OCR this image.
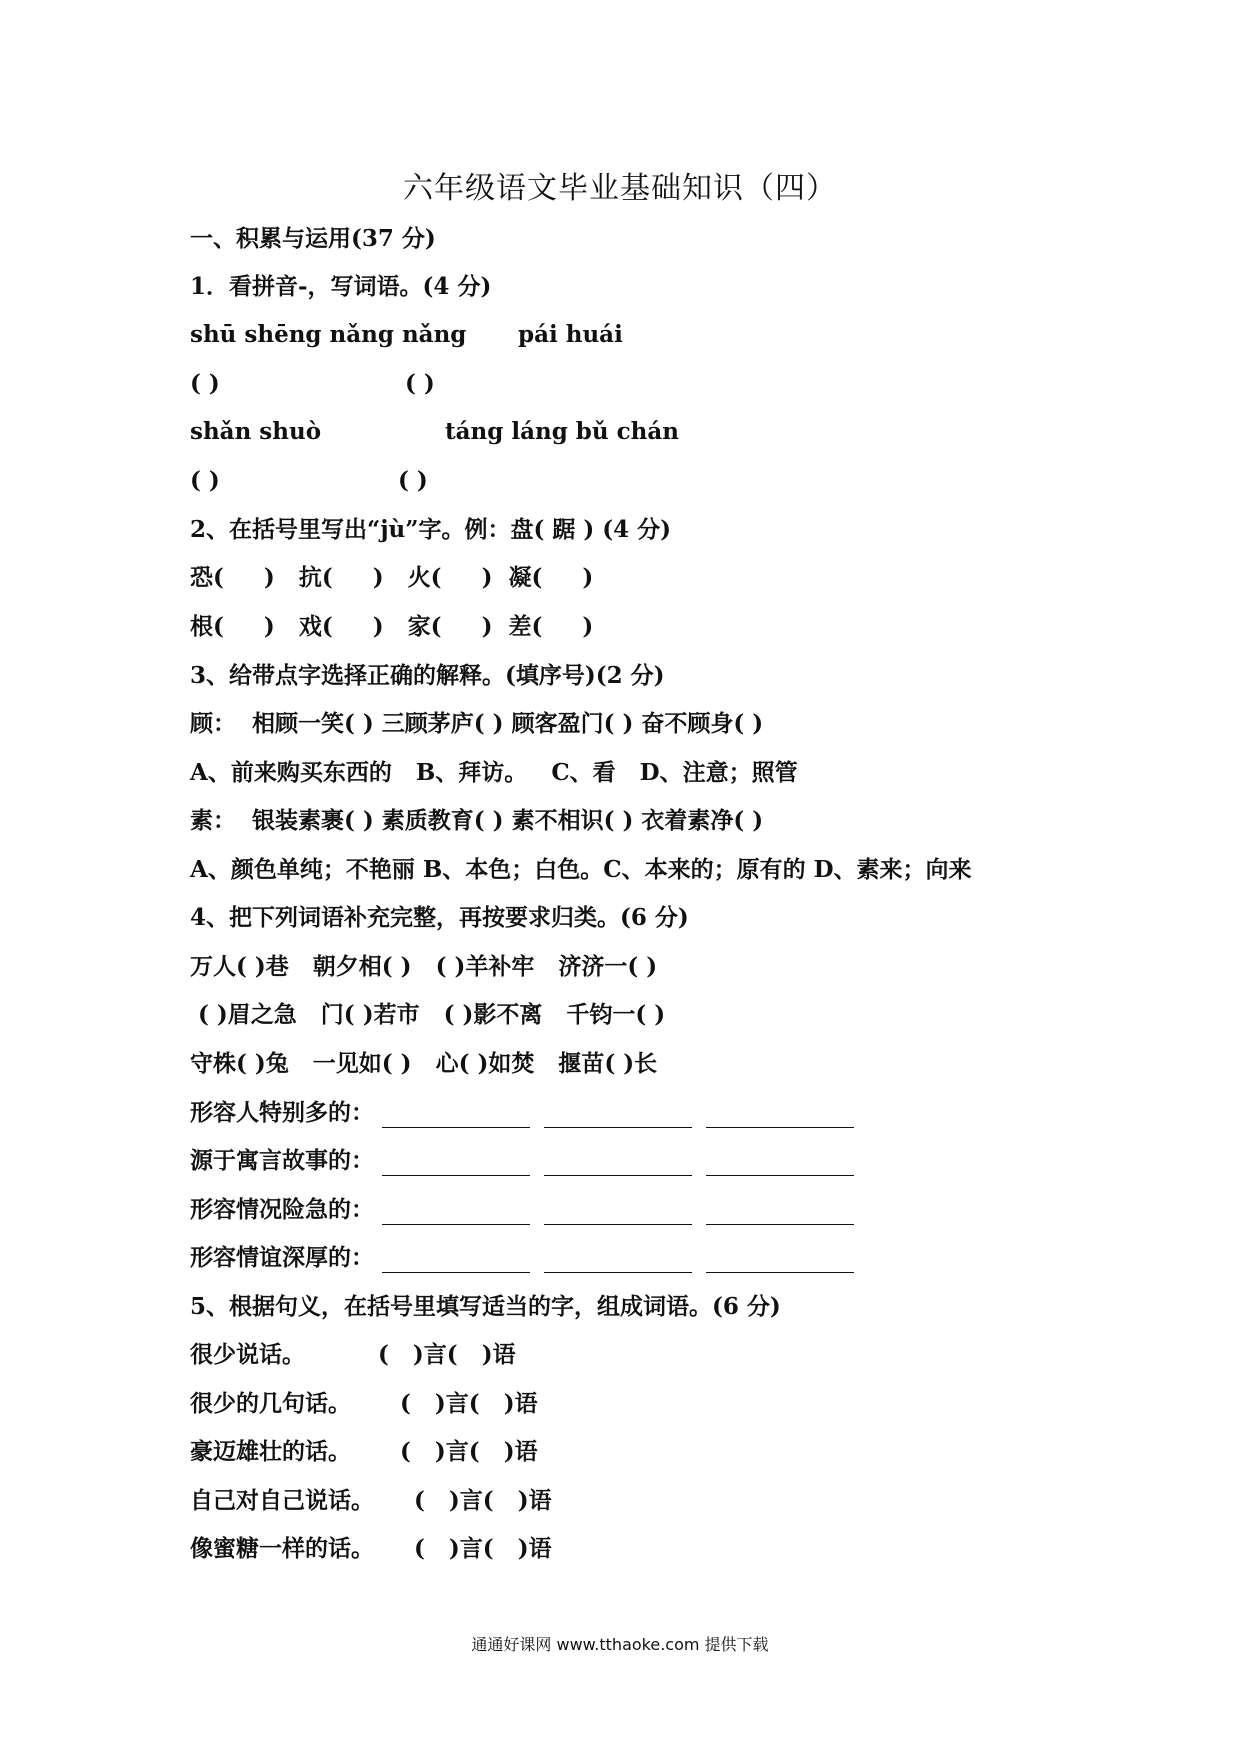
六年级语文毕业基础知识（四）
一、积累与运用(37 分)
1．看拼音-，写词语。(4 分)
shū shēng nǎng nǎng pái huái
( )	( )
shǎn shuò	táng láng bǔ chán
( )	( )
2、在括号里写出“jù”字。例：盘( 踞 ) (4 分)
恐(     )   抗(     )   火(     )  凝(     )
根(     )   戏(     )   家(     )  差(     )
3、给带点字选择正确的解释。(填序号)(2 分)
顾：  相顾一笑( ) 三顾茅庐( ) 顾客盈门( ) 奋不顾身( )
A、前来购买东西的   B、拜访。   C、看   D、注意；照管
素：  银装素裹( ) 素质教育( ) 素不相识( ) 衣着素净( )
A、颜色单纯；不艳丽 B、本色；白色。C、本来的；原有的 D、素来；向来
4、把下列词语补充完整，再按要求归类。(6 分)
万人( )巷   朝夕相( )   ( )羊补牢   济济一( )
( )眉之急   门( )若市   ( )影不离   千钧一( )
守株( )兔   一见如( )   心( )如焚   揠苗( )长
形容人特别多的：
源于寓言故事的：
形容情况险急的：
形容情谊深厚的：
5、根据句义，在括号里填写适当的字，组成词语。(6 分)
很少说话。	(   )言(   )语
很少的几句话。 (   )言(   )语
豪迈雄壮的话。 (   )言(   )语
自己对自己说话。 (   )言(   )语
像蜜糖一样的话。 (   )言(   )语
通通好课网 www.tthaoke.com 提供下载
